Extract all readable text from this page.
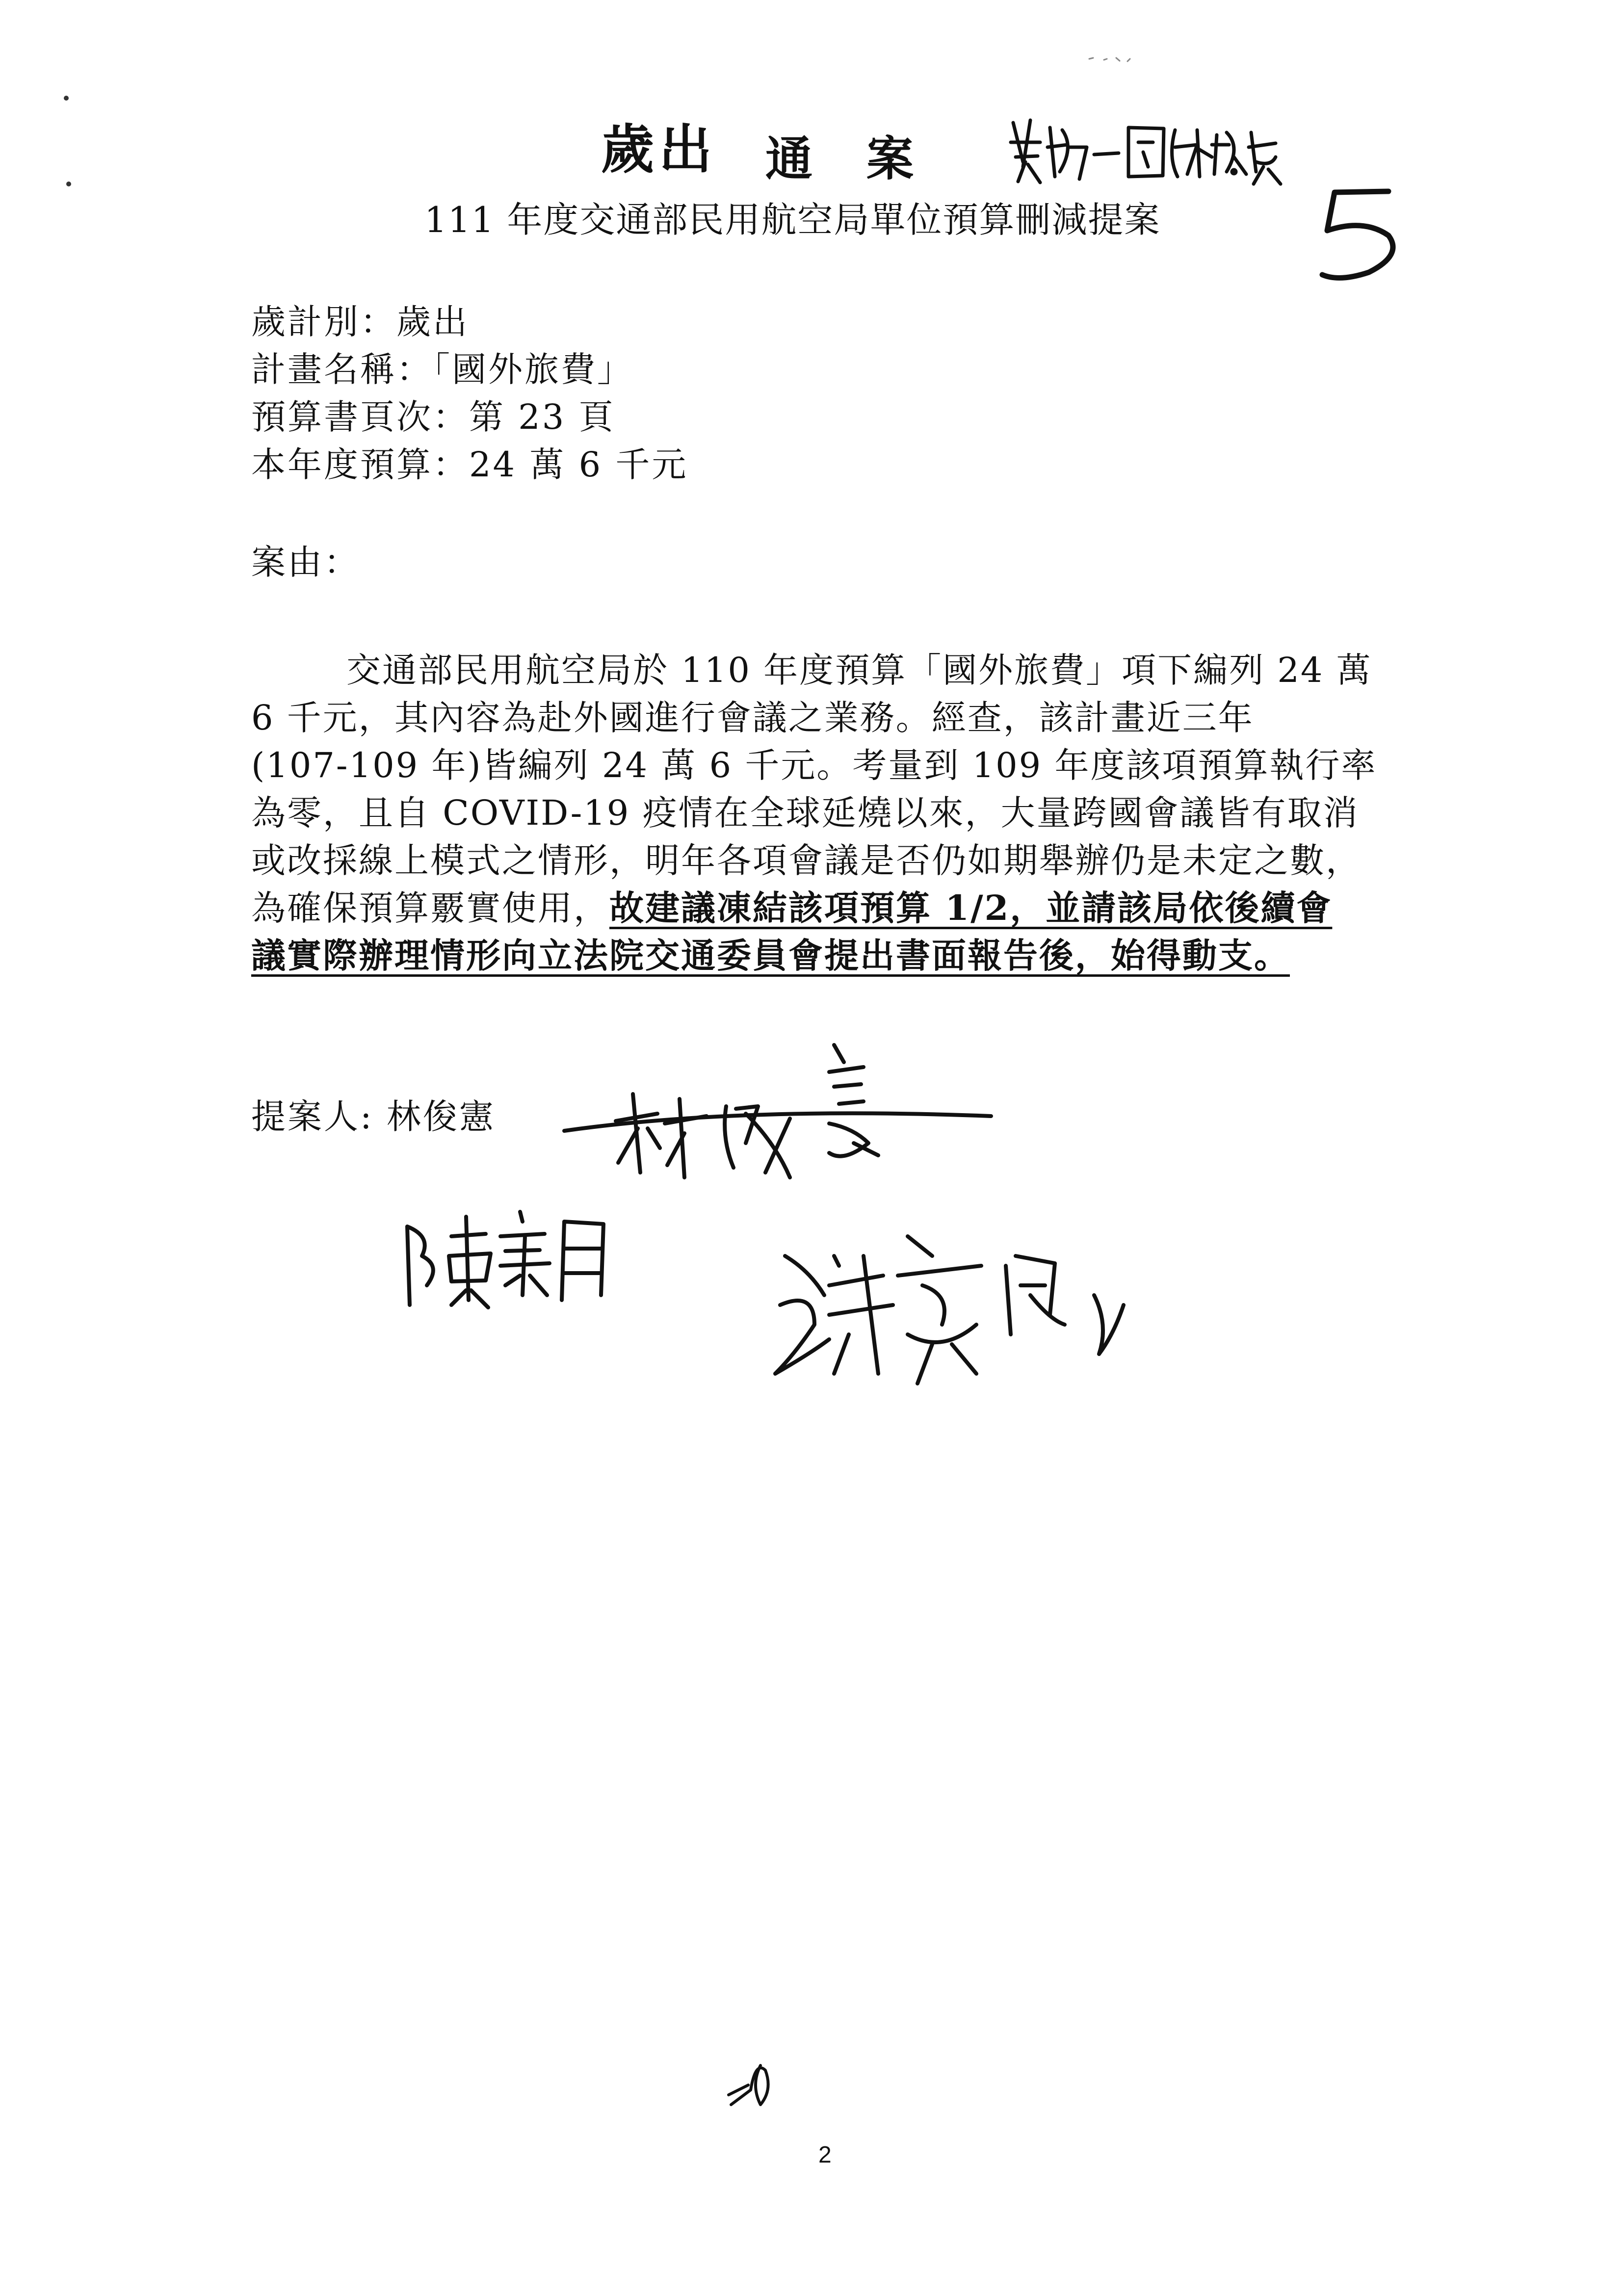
歲出 通案
111 年度交通部民用航空局單位預算刪減提案
歲計別：歲出
計畫名稱：「國外旅費」
預算書頁次：第 23 頁
本年度預算：24 萬 6 千元
案由：
交通部民用航空局於 110 年度預算「國外旅費」項下編列 24 萬
6 千元，其內容為赴外國進行會議之業務。經查，該計畫近三年
(107-109 年)皆編列 24 萬 6 千元。考量到 109 年度該項預算執行率
為零，且自 COVID-19 疫情在全球延燒以來，大量跨國會議皆有取消
或改採線上模式之情形，明年各項會議是否仍如期舉辦仍是未定之數，
為確保預算覈實使用，故建議凍結該項預算 1/2，並請該局依後續會
議實際辦理情形向立法院交通委員會提出書面報告後，始得動支。
提案人: 林俊憲
2
